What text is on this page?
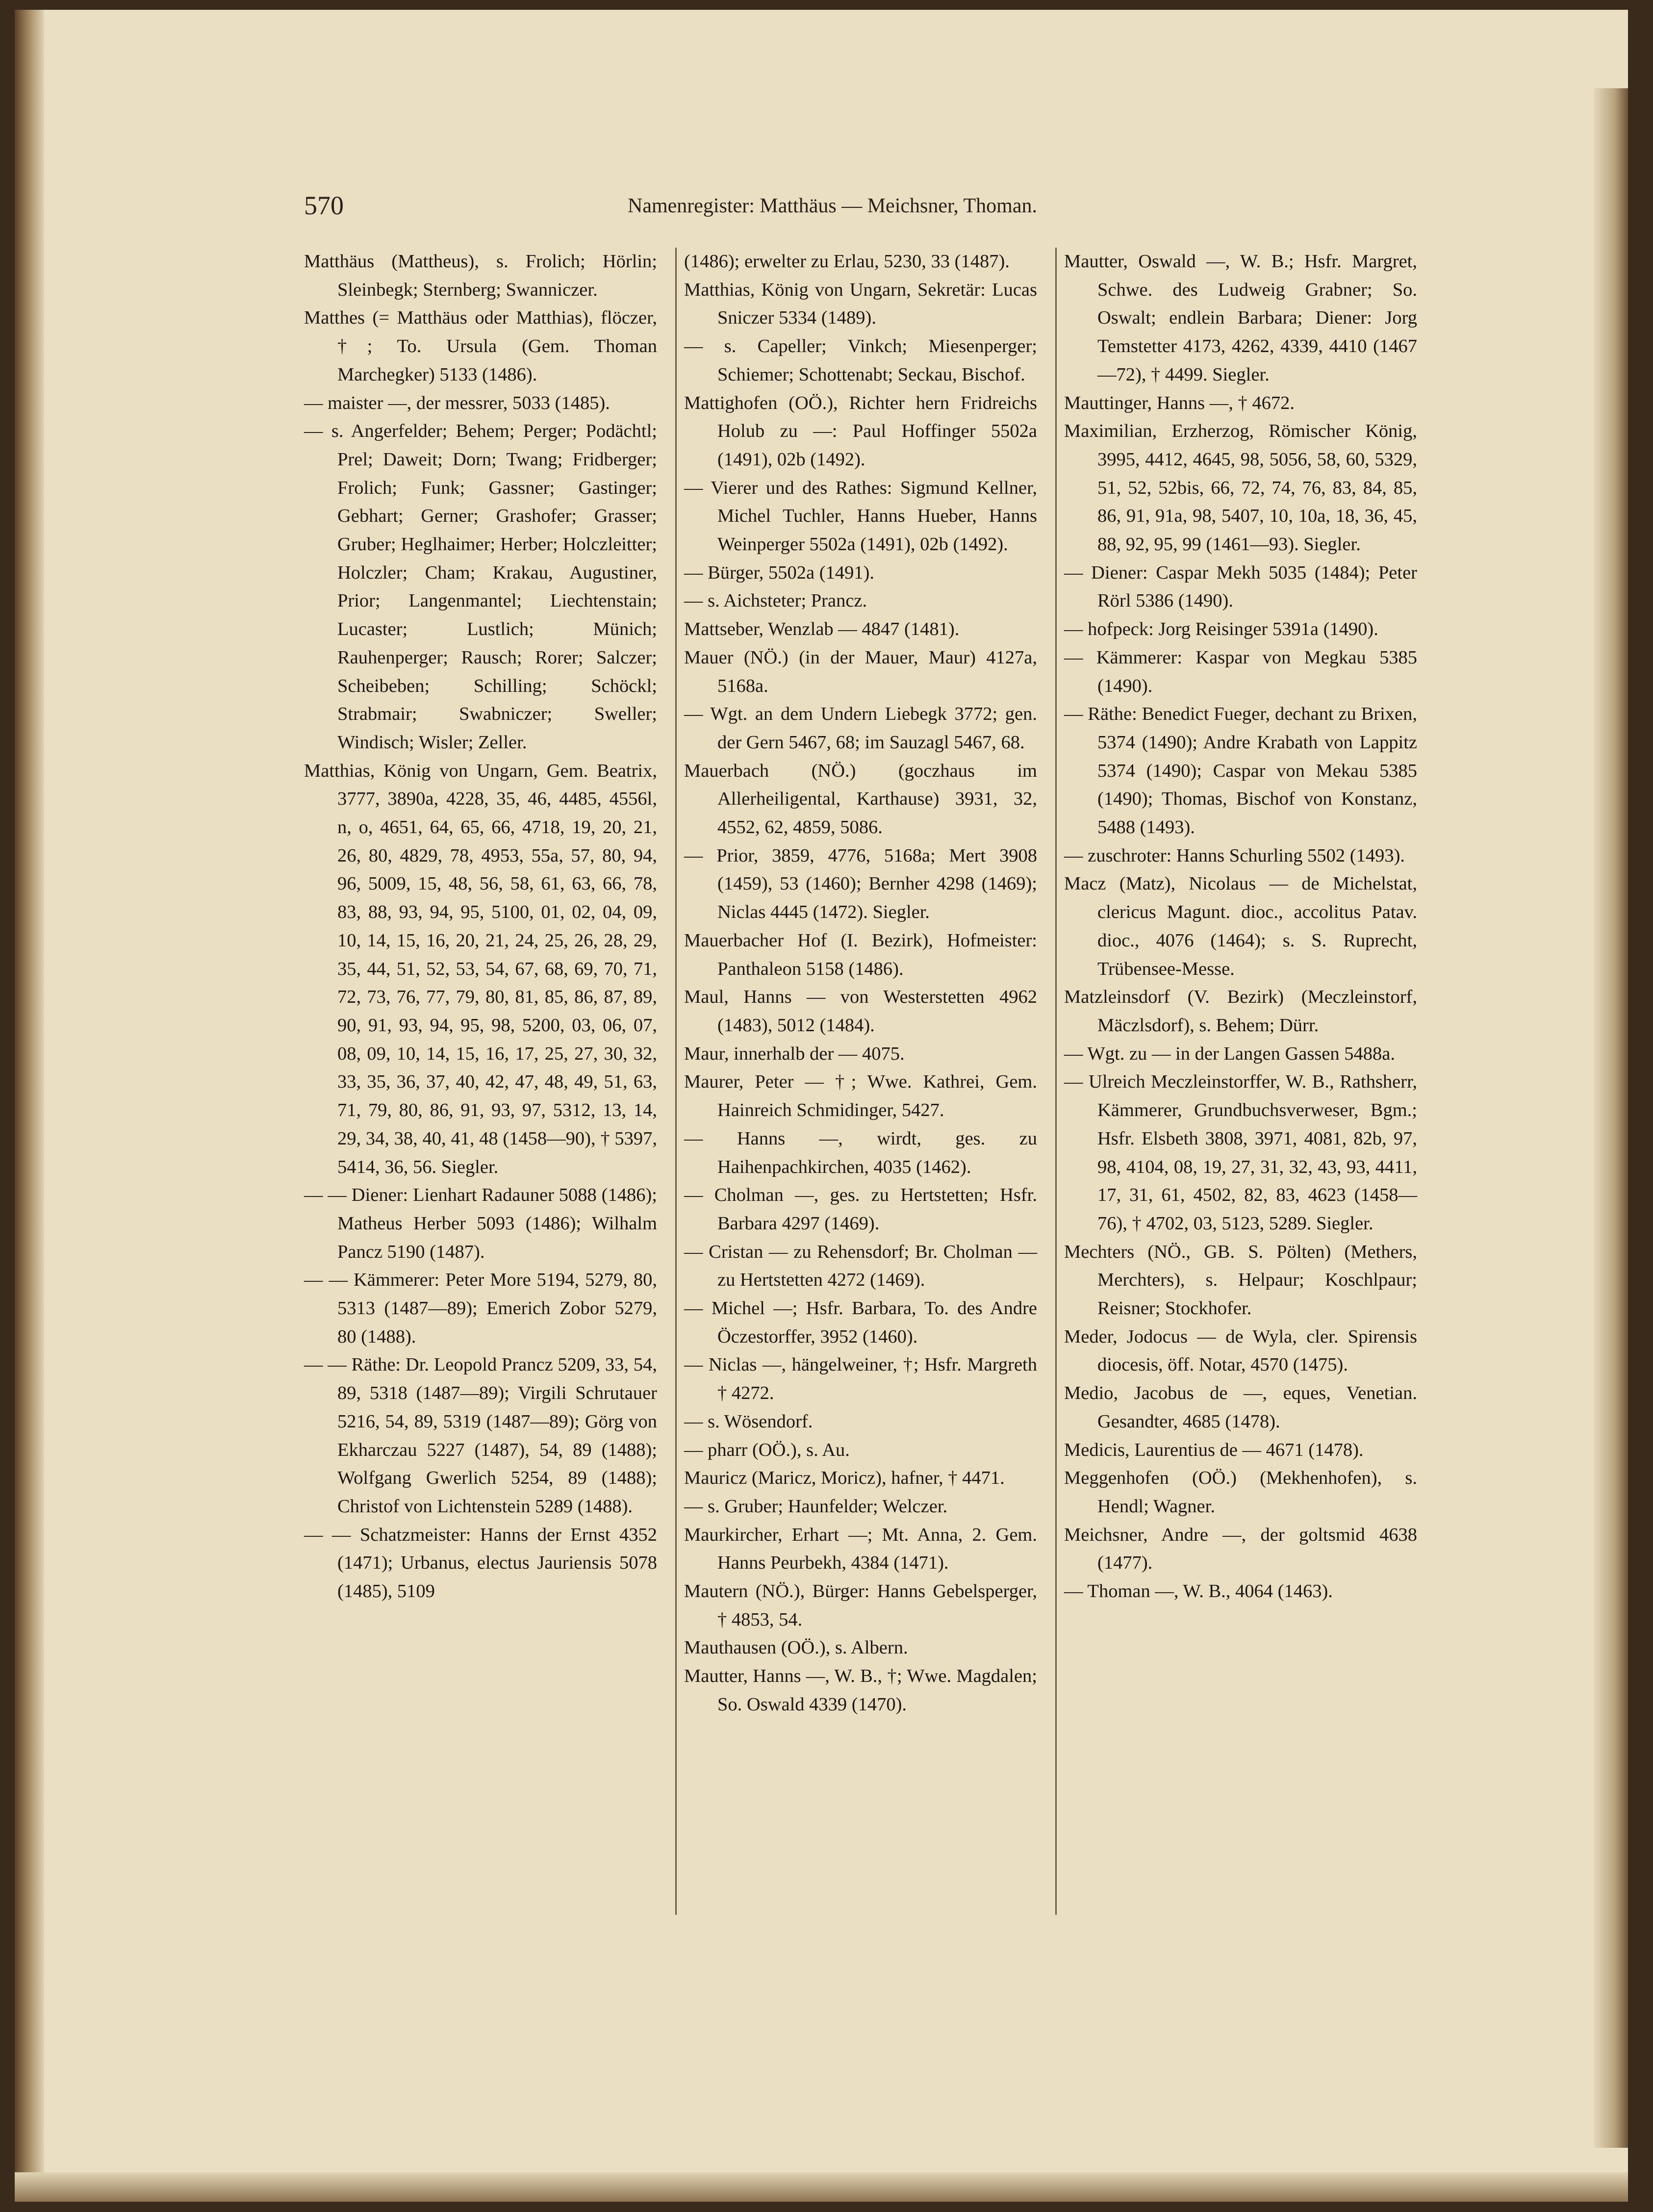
570	Namenregister: Matthäus — Meichsner, Thoman.

Matthäus (Mattheus), s. Frolich; Hörlin; Sleinbegk; Sternberg; Swanniczer.

Matthes (= Matthäus oder Matthias), flöczer, †; To. Ursula (Gem. Thoman Marchegker) 5133 (1486).

— maister —, der messrer, 5033 (1485).

— s. Angerfelder; Behem; Perger; Podächtl; Prel; Daweit; Dorn; Twang; Fridberger; Frolich; Funk; Gassner; Gastinger; Gebhart; Gerner; Grashofer; Grasser; Gruber; Heglhaimer; Herber; Holczleitter; Holczler; Cham; Krakau, Augustiner, Prior; Langenmantel; Liechtenstain; Lucaster; Lustlich; Münich; Rauhenperger; Rausch; Rorer; Salczer; Scheibeben; Schilling; Schöckl; Strabmair; Swabniczer; Sweller; Windisch; Wisler; Zeller.

Matthias, König von Ungarn, Gem. Beatrix, 3777, 3890a, 4228, 35, 46, 4485, 4556l, n, o, 4651, 64, 65, 66, 4718, 19, 20, 21, 26, 80, 4829, 78, 4953, 55a, 57, 80, 94, 96, 5009, 15, 48, 56, 58, 61, 63, 66, 78, 83, 88, 93, 94, 95, 5100, 01, 02, 04, 09, 10, 14, 15, 16, 20, 21, 24, 25, 26, 28, 29, 35, 44, 51, 52, 53, 54, 67, 68, 69, 70, 71, 72, 73, 76, 77, 79, 80, 81, 85, 86, 87, 89, 90, 91, 93, 94, 95, 98, 5200, 03, 06, 07, 08, 09, 10, 14, 15, 16, 17, 25, 27, 30, 32, 33, 35, 36, 37, 40, 42, 47, 48, 49, 51, 63, 71, 79, 80, 86, 91, 93, 97, 5312, 13, 14, 29, 34, 38, 40, 41, 48 (1458—90), † 5397, 5414, 36, 56. Siegler.

— — Diener: Lienhart Radauner 5088 (1486); Matheus Herber 5093 (1486); Wilhalm Pancz 5190 (1487).

— — Kämmerer: Peter More 5194, 5279, 80, 5313 (1487—89); Emerich Zobor 5279, 80 (1488).

— — Räthe: Dr. Leopold Prancz 5209, 33, 54, 89, 5318 (1487—89); Virgili Schrutauer 5216, 54, 89, 5319 (1487—89); Görg von Ekharczau 5227 (1487), 54, 89 (1488); Wolfgang Gwerlich 5254, 89 (1488); Christof von Lichtenstein 5289 (1488).

— — Schatzmeister: Hanns der Ernst 4352 (1471); Urbanus, electus Jauriensis 5078 (1485), 5109

(1486); erwelter zu Erlau, 5230, 33 (1487).

Matthias, König von Ungarn, Sekretär: Lucas Sniczer 5334 (1489).

— s. Capeller; Vinkch; Miesenperger; Schiemer; Schottenabt; Seckau, Bischof.

Mattighofen (OÖ.), Richter hern Fridreichs Holub zu —: Paul Hoffinger 5502a (1491), 02b (1492).

— Vierer und des Rathes: Sigmund Kellner, Michel Tuchler, Hanns Hueber, Hanns Weinperger 5502a (1491), 02b (1492).

— Bürger, 5502a (1491).

— s. Aichsteter; Prancz.

Mattseber, Wenzlab — 4847 (1481).

Mauer (NÖ.) (in der Mauer, Maur) 4127a, 5168a.

— Wgt. an dem Undern Liebegk 3772; gen. der Gern 5467, 68; im Sauzagl 5467, 68.

Mauerbach (NÖ.) (goczhaus im Allerheiligental, Karthause) 3931, 32, 4552, 62, 4859, 5086.

— Prior, 3859, 4776, 5168a; Mert 3908 (1459), 53 (1460); Bernher 4298 (1469); Niclas 4445 (1472). Siegler.

Mauerbacher Hof (I. Bezirk), Hofmeister: Panthaleon 5158 (1486).

Maul, Hanns — von Westerstetten 4962 (1483), 5012 (1484).

Maur, innerhalb der — 4075.

Maurer, Peter — †; Wwe. Kathrei, Gem. Hainreich Schmidinger, 5427.

— Hanns —, wirdt, ges. zu Haihenpachkirchen, 4035 (1462).

— Cholman —, ges. zu Hertstetten; Hsfr. Barbara 4297 (1469).

— Cristan — zu Rehensdorf; Br. Cholman — zu Hertstetten 4272 (1469).

— Michel —; Hsfr. Barbara, To. des Andre Öczestorffer, 3952 (1460).

— Niclas —, hängelweiner, †; Hsfr. Margreth † 4272.

— s. Wösendorf.

— pharr (OÖ.), s. Au.

Mauricz (Maricz, Moricz), hafner, † 4471.

— s. Gruber; Haunfelder; Welczer.

Maurkircher, Erhart —; Mt. Anna, 2. Gem. Hanns Peurbekh, 4384 (1471).

Mautern (NÖ.), Bürger: Hanns Gebelsperger, † 4853, 54.

Mauthausen (OÖ.), s. Albern.

Mautter, Hanns —, W. B., †; Wwe. Magdalen; So. Oswald 4339 (1470).

Mautter, Oswald —, W. B.; Hsfr. Margret, Schwe. des Ludweig Grabner; So. Oswalt; endlein Barbara; Diener: Jorg Temstetter 4173, 4262, 4339, 4410 (1467—72), † 4499. Siegler.

Mauttinger, Hanns —, † 4672.

Maximilian, Erzherzog, Römischer König, 3995, 4412, 4645, 98, 5056, 58, 60, 5329, 51, 52, 52bis, 66, 72, 74, 76, 83, 84, 85, 86, 91, 91a, 98, 5407, 10, 10a, 18, 36, 45, 88, 92, 95, 99 (1461—93). Siegler.

— Diener: Caspar Mekh 5035 (1484); Peter Rörl 5386 (1490).

— hofpeck: Jorg Reisinger 5391a (1490).

— Kämmerer: Kaspar von Megkau 5385 (1490).

— Räthe: Benedict Fueger, dechant zu Brixen, 5374 (1490); Andre Krabath von Lappitz 5374 (1490); Caspar von Mekau 5385 (1490); Thomas, Bischof von Konstanz, 5488 (1493).

— zuschroter: Hanns Schurling 5502 (1493).

Macz (Matz), Nicolaus — de Michelstat, clericus Magunt. dioc., accolitus Patav. dioc., 4076 (1464); s. S. Ruprecht, Trübensee-Messe.

Matzleinsdorf (V. Bezirk) (Meczleinstorf, Mäczlsdorf), s. Behem; Dürr.

— Wgt. zu — in der Langen Gassen 5488a.

— Ulreich Meczleinstorffer, W. B., Rathsherr, Kämmerer, Grundbuchsverweser, Bgm.; Hsfr. Elsbeth 3808, 3971, 4081, 82b, 97, 98, 4104, 08, 19, 27, 31, 32, 43, 93, 4411, 17, 31, 61, 4502, 82, 83, 4623 (1458—76), † 4702, 03, 5123, 5289. Siegler.

Mechters (NÖ., GB. S. Pölten) (Methers, Merchters), s. Helpaur; Koschlpaur; Reisner; Stockhofer.

Meder, Jodocus — de Wyla, cler. Spirensis diocesis, öff. Notar, 4570 (1475).

Medio, Jacobus de —, eques, Venetian. Gesandter, 4685 (1478).

Medicis, Laurentius de — 4671 (1478).

Meggenhofen (OÖ.) (Mekhenhofen), s. Hendl; Wagner.

Meichsner, Andre —, der goltsmid 4638 (1477).

— Thoman —, W. B., 4064 (1463).
